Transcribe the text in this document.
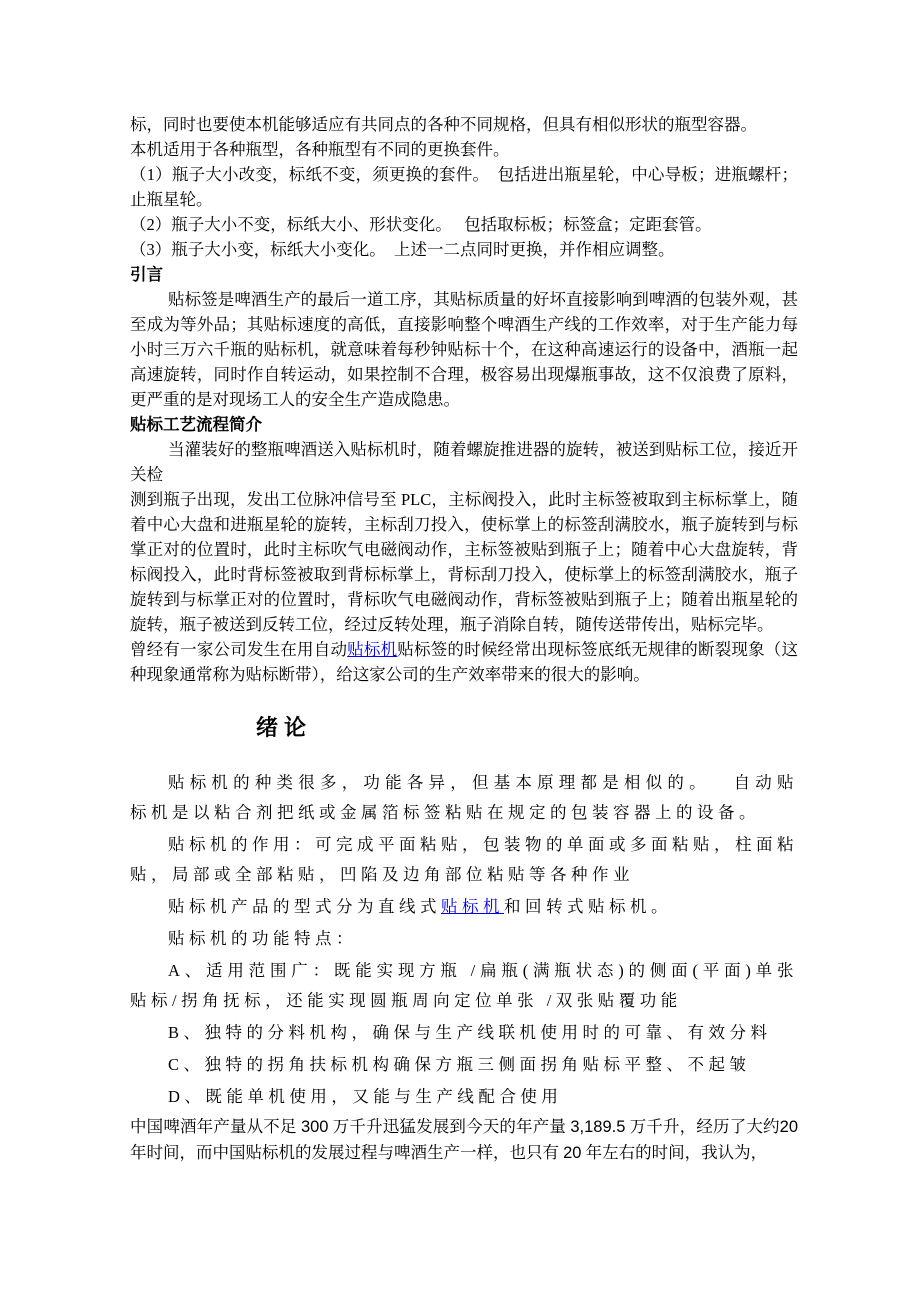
标，同时也要使本机能够适应有共同点的各种不同规格，但具有相似形状的瓶型容器。

本机适用于各种瓶型，各种瓶型有不同的更换套件。

（1）瓶子大小改变，标纸不变，须更换的套件。　包括进出瓶星轮，中心导板；进瓶螺杆；止瓶星轮。

（2）瓶子大小不变，标纸大小、形状变化。　 包括取标板；标签盒；定距套管。

（3）瓶子大小变，标纸大小变化。　上述一二点同时更换，并作相应调整。

引言

贴标签是啤酒生产的最后一道工序，其贴标质量的好坏直接影响到啤酒的包装外观，甚至成为等外品；其贴标速度的高低，直接影响整个啤酒生产线的工作效率，对于生产能力每小时三万六千瓶的贴标机，就意味着每秒钟贴标十个，在这种高速运行的设备中，酒瓶一起高速旋转，同时作自转运动，如果控制不合理，极容易出现爆瓶事故，这不仅浪费了原料，更严重的是对现场工人的安全生产造成隐患。

贴标工艺流程简介

当灌装好的整瓶啤酒送入贴标机时，随着螺旋推进器的旋转，被送到贴标工位，接近开关检

测到瓶子出现，发出工位脉冲信号至 PLC，主标阀投入，此时主标签被取到主标标掌上，随着中心大盘和进瓶星轮的旋转，主标刮刀投入，使标掌上的标签刮满胶水，瓶子旋转到与标掌正对的位置时，此时主标吹气电磁阀动作，主标签被贴到瓶子上；随着中心大盘旋转，背标阀投入，此时背标签被取到背标标掌上，背标刮刀投入，使标掌上的标签刮满胶水，瓶子旋转到与标掌正对的位置时，背标吹气电磁阀动作，背标签被贴到瓶子上；随着出瓶星轮的旋转，瓶子被送到反转工位，经过反转处理，瓶子消除自转，随传送带传出，贴标完毕。

曾经有一家公司发生在用自动贴标机贴标签的时候经常出现标签底纸无规律的断裂现象（这种现象通常称为贴标断带），给这家公司的生产效率带来的很大的影响。

绪论

贴标机的种类很多，功能各异，但基本原理都是相似的。　 自动贴标机是以粘合剂把纸或金属箔标签粘贴在规定的包装容器上的设备。

贴标机的作用：可完成平面粘贴，包装物的单面或多面粘贴，柱面粘贴，局部或全部粘贴，凹陷及边角部位粘贴等各种作业

贴标机产品的型式分为直线式贴标机和回转式贴标机。

贴标机的功能特点：

A、适用范围广：既能实现方瓶 /扁瓶(满瓶状态)的侧面(平面)单张贴标/拐角抚标，还能实现圆瓶周向定位单张 /双张贴覆功能

B、独特的分料机构，确保与生产线联机使用时的可靠、有效分料

C、独特的拐角扶标机构确保方瓶三侧面拐角贴标平整、不起皱

D、既能单机使用，又能与生产线配合使用

中国啤酒年产量从不足 300 万千升迅猛发展到今天的年产量 3,189.5 万千升，经历了大约20 年时间，而中国贴标机的发展过程与啤酒生产一样，也只有 20 年左右的时间，我认为，
